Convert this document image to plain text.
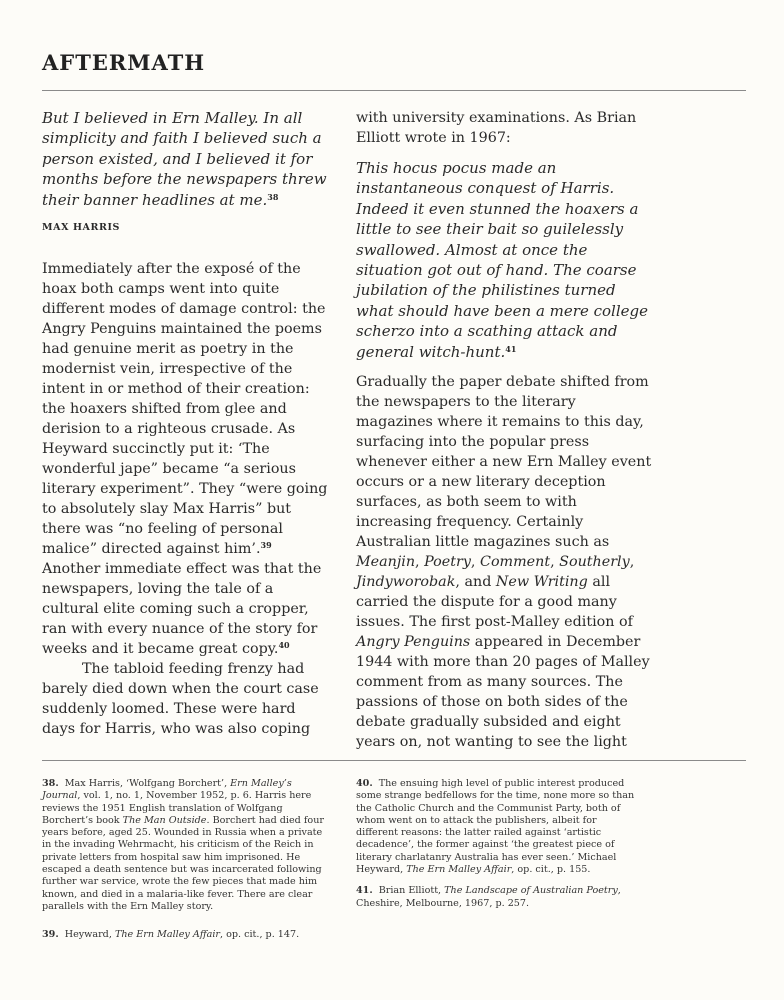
AFTERMATH

But I believed in Ern Malley. In all simplicity and faith I believed such a person existed, and I believed it for months before the newspapers threw their banner headlines at me.$^{38}$

MAX HARRIS

Immediately after the exposé of the hoax both camps went into quite different modes of damage control: the Angry Penguins maintained the poems had genuine merit as poetry in the modernist vein, irrespective of the intent in or method of their creation: the hoaxers shifted from glee and derision to a righteous crusade. As Heyward succinctly put it: ‘The wonderful jape” became “a serious literary experiment”. They “were going to absolutely slay Max Harris” but there was “no feeling of personal malice” directed against him’.$^{39}$ Another immediate effect was that the newspapers, loving the tale of a cultural elite coming such a cropper, ran with every nuance of the story for weeks and it became great copy.$^{40}$

The tabloid feeding frenzy had barely died down when the court case suddenly loomed. These were hard days for Harris, who was also coping

with university examinations. As Brian Elliott wrote in 1967:

This hocus pocus made an instantaneous conquest of Harris. Indeed it even stunned the hoaxers a little to see their bait so guilelessly swallowed. Almost at once the situation got out of hand. The coarse jubilation of the philistines turned what should have been a mere college scherzo into a scathing attack and general witch-hunt.$^{41}$

Gradually the paper debate shifted from the newspapers to the literary magazines where it remains to this day, surfacing into the popular press whenever either a new Ern Malley event occurs or a new literary deception surfaces, as both seem to with increasing frequency. Certainly Australian little magazines such as Meanjin, Poetry, Comment, Southerly, Jindyworobak, and New Writing all carried the dispute for a good many issues. The first post-Malley edition of Angry Penguins appeared in December 1944 with more than 20 pages of Malley comment from as many sources. The passions of those on both sides of the debate gradually subsided and eight years on, not wanting to see the light

38. Max Harris, ‘Wolfgang Borchert’, Ern Malley’s Journal, vol. 1, no. 1, November 1952, p. 6. Harris here reviews the 1951 English translation of Wolfgang Borchert’s book The Man Outside. Borchert had died four years before, aged 25. Wounded in Russia when a private in the invading Wehrmacht, his criticism of the Reich in private letters from hospital saw him imprisoned. He escaped a death sentence but was incarcerated following further war service, wrote the few pieces that made him known, and died in a malaria-like fever. There are clear parallels with the Ern Malley story.

39. Heyward, The Ern Malley Affair, op. cit., p. 147.

40. The ensuing high level of public interest produced some strange bedfellows for the time, none more so than the Catholic Church and the Communist Party, both of whom went on to attack the publishers, albeit for different reasons: the latter railed against ‘artistic decadence’, the former against ‘the greatest piece of literary charlatanry Australia has ever seen.’ Michael Heyward, The Ern Malley Affair, op. cit., p. 155.

41. Brian Elliott, The Landscape of Australian Poetry, Cheshire, Melbourne, 1967, p. 257.
